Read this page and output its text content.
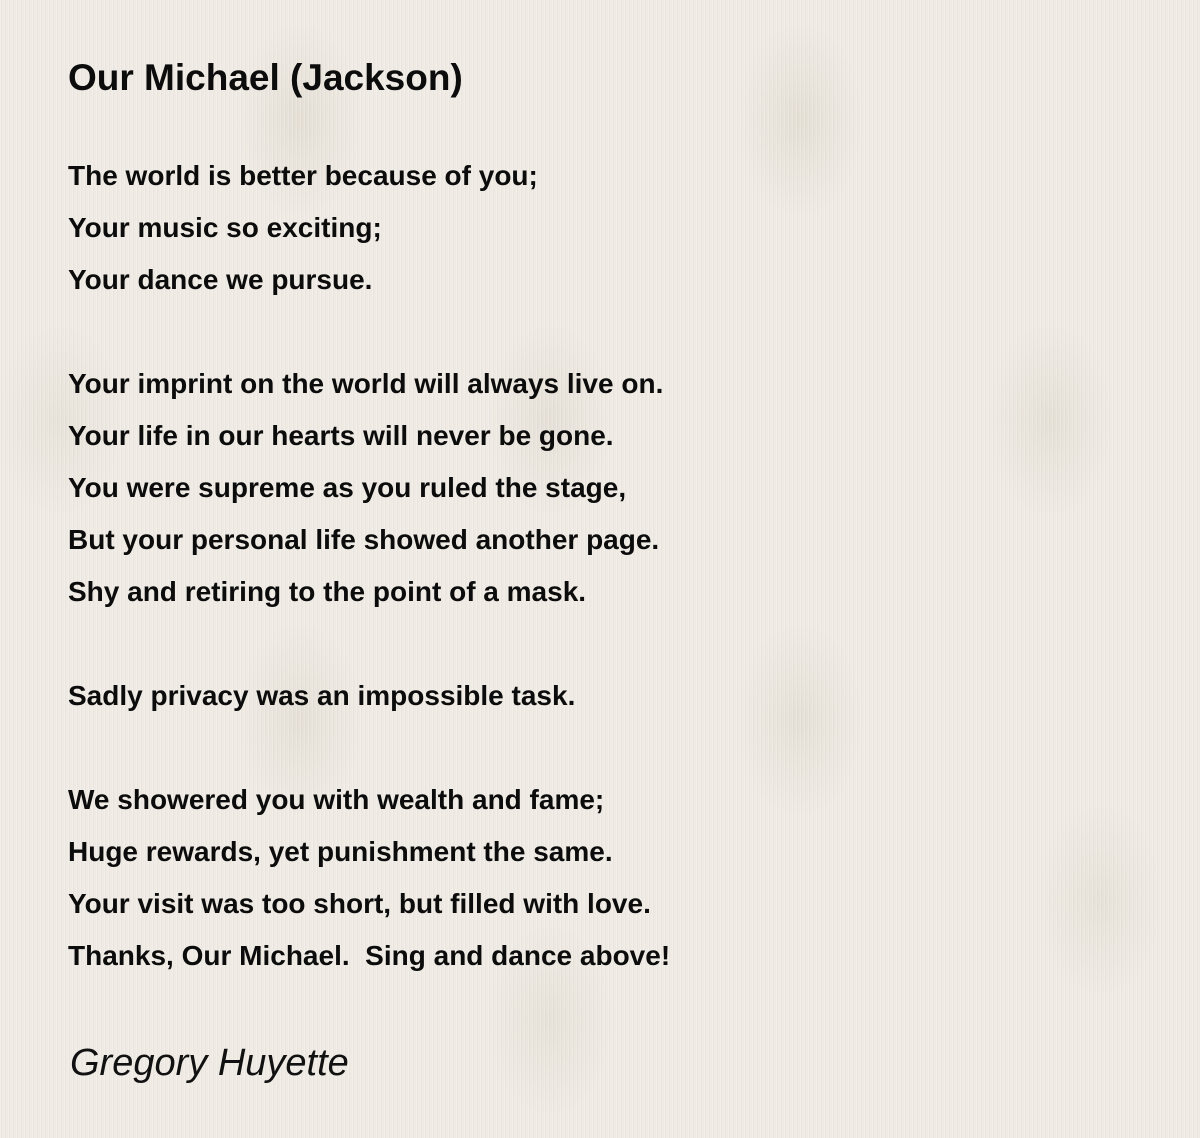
Our Michael (Jackson)
The world is better because of you;
Your music so exciting;
Your dance we pursue.
Your imprint on the world will always live on.
Your life in our hearts will never be gone.
You were supreme as you ruled the stage,
But your personal life showed another page.
Shy and retiring to the point of a mask.
Sadly privacy was an impossible task.
We showered you with wealth and fame;
Huge rewards, yet punishment the same.
Your visit was too short, but filled with love.
Thanks, Our Michael.  Sing and dance above!
Gregory Huyette
